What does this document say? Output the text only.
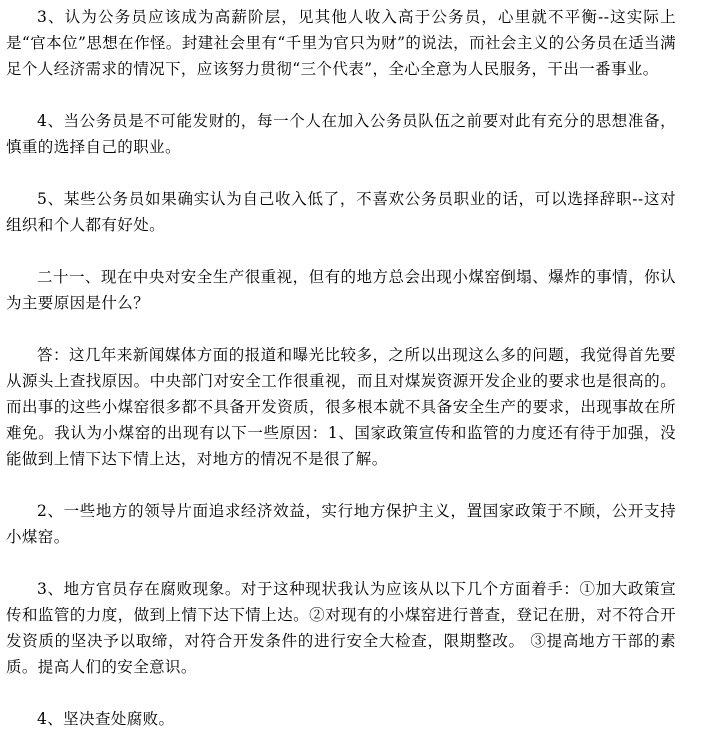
3、认为公务员应该成为高薪阶层，见其他人收入高于公务员，心里就不平衡--这实际上是“官本位”思想在作怪。封建社会里有“千里为官只为财”的说法，而社会主义的公务员在适当满足个人经济需求的情况下，应该努力贯彻“三个代表”，全心全意为人民服务，干出一番事业。

4、当公务员是不可能发财的，每一个人在加入公务员队伍之前要对此有充分的思想准备，慎重的选择自己的职业。

5、某些公务员如果确实认为自己收入低了，不喜欢公务员职业的话，可以选择辞职--这对组织和个人都有好处。

二十一、现在中央对安全生产很重视，但有的地方总会出现小煤窑倒塌、爆炸的事情，你认为主要原因是什么？

答：这几年来新闻媒体方面的报道和曝光比较多，之所以出现这么多的问题，我觉得首先要从源头上查找原因。中央部门对安全工作很重视，而且对煤炭资源开发企业的要求也是很高的。而出事的这些小煤窑很多都不具备开发资质，很多根本就不具备安全生产的要求，出现事故在所难免。我认为小煤窑的出现有以下一些原因：1、国家政策宣传和监管的力度还有待于加强，没能做到上情下达下情上达，对地方的情况不是很了解。

2、一些地方的领导片面追求经济效益，实行地方保护主义，置国家政策于不顾，公开支持小煤窑。

3、地方官员存在腐败现象。对于这种现状我认为应该从以下几个方面着手：①加大政策宣传和监管的力度，做到上情下达下情上达。②对现有的小煤窑进行普查，登记在册，对不符合开发资质的坚决予以取缔，对符合开发条件的进行安全大检查，限期整改。 ③提高地方干部的素质。提高人们的安全意识。

4、坚决查处腐败。
